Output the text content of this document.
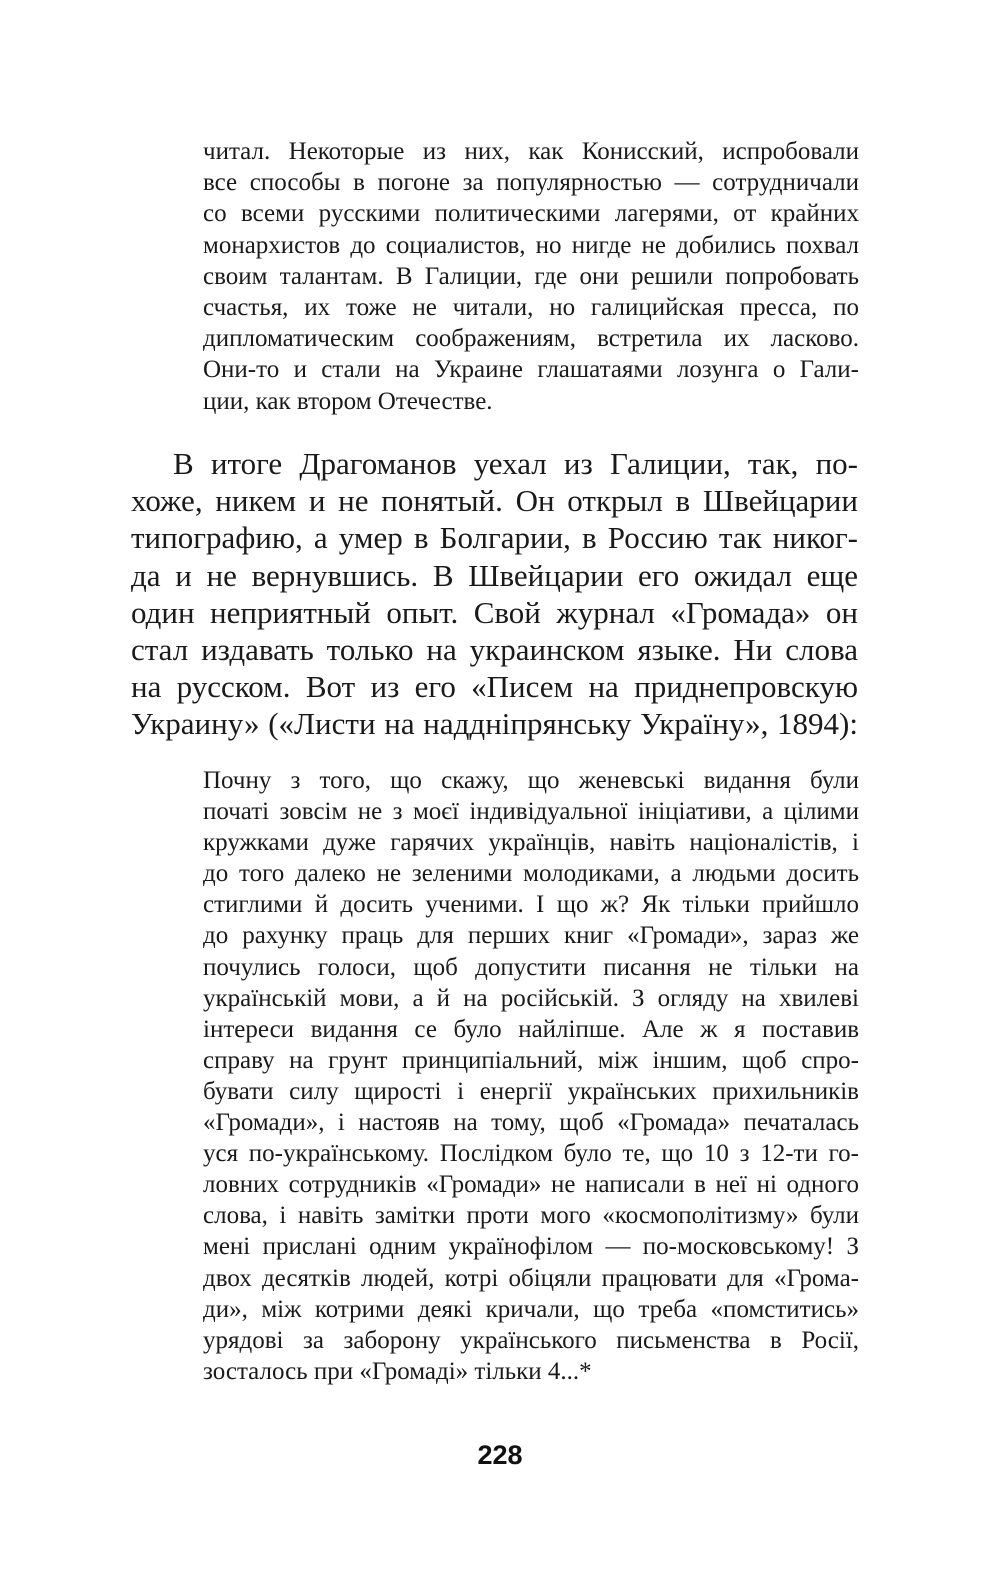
читал. Некоторые из них, как Конисский, испробовали
все способы в погоне за популярностью — сотрудничали
со всеми русскими политическими лагерями, от крайних
монархистов до социалистов, но нигде не добились похвал
своим талантам. В Галиции, где они решили попробовать
счастья, их тоже не читали, но галицийская пресса, по
дипломатическим соображениям, встретила их ласково.
Они-то и стали на Украине глашатаями лозунга о Гали-
ции, как втором Отечестве.
В итоге Драгоманов уехал из Галиции, так, по-
хоже, никем и не понятый. Он открыл в Швейцарии
типографию, а умер в Болгарии, в Россию так никог-
да и не вернувшись. В Швейцарии его ожидал еще
один неприятный опыт. Свой журнал «Громада» он
стал издавать только на украинском языке. Ни слова
на русском. Вот из его «Писем на приднепровскую
Украину» («Листи на наддніпрянську Україну», 1894):
Почну з того, що скажу, що женевські видання були
початі зовсім не з моєї індивідуальної ініціативи, а цілими
кружками дуже гарячих українців, навіть націоналістів, і
до того далеко не зеленими молодиками, а людьми досить
стиглими й досить ученими. І що ж? Як тільки прийшло
до рахунку праць для перших книг «Громади», зараз же
почулись голоси, щоб допустити писання не тільки на
українській мови, а й на російській. З огляду на хвилеві
інтереси видання се було найліпше. Але ж я поставив
справу на грунт принципіальний, між іншим, щоб спро-
бувати силу щирості і енергії українських прихильників
«Громади», і настояв на тому, щоб «Громада» печаталась
уся по-українському. Послідком було те, що 10 з 12-ти го-
ловних сотрудників «Громади» не написали в неї ні одного
слова, і навіть замітки проти мого «космополітизму» були
мені прислані одним українофілом — по-московському! З
двох десятків людей, котрі обіцяли працювати для «Грома-
ди», між котрими деякі кричали, що треба «помститись»
урядові за заборону українського письменства в Росії,
зосталось при «Громаді» тільки 4...*
228
